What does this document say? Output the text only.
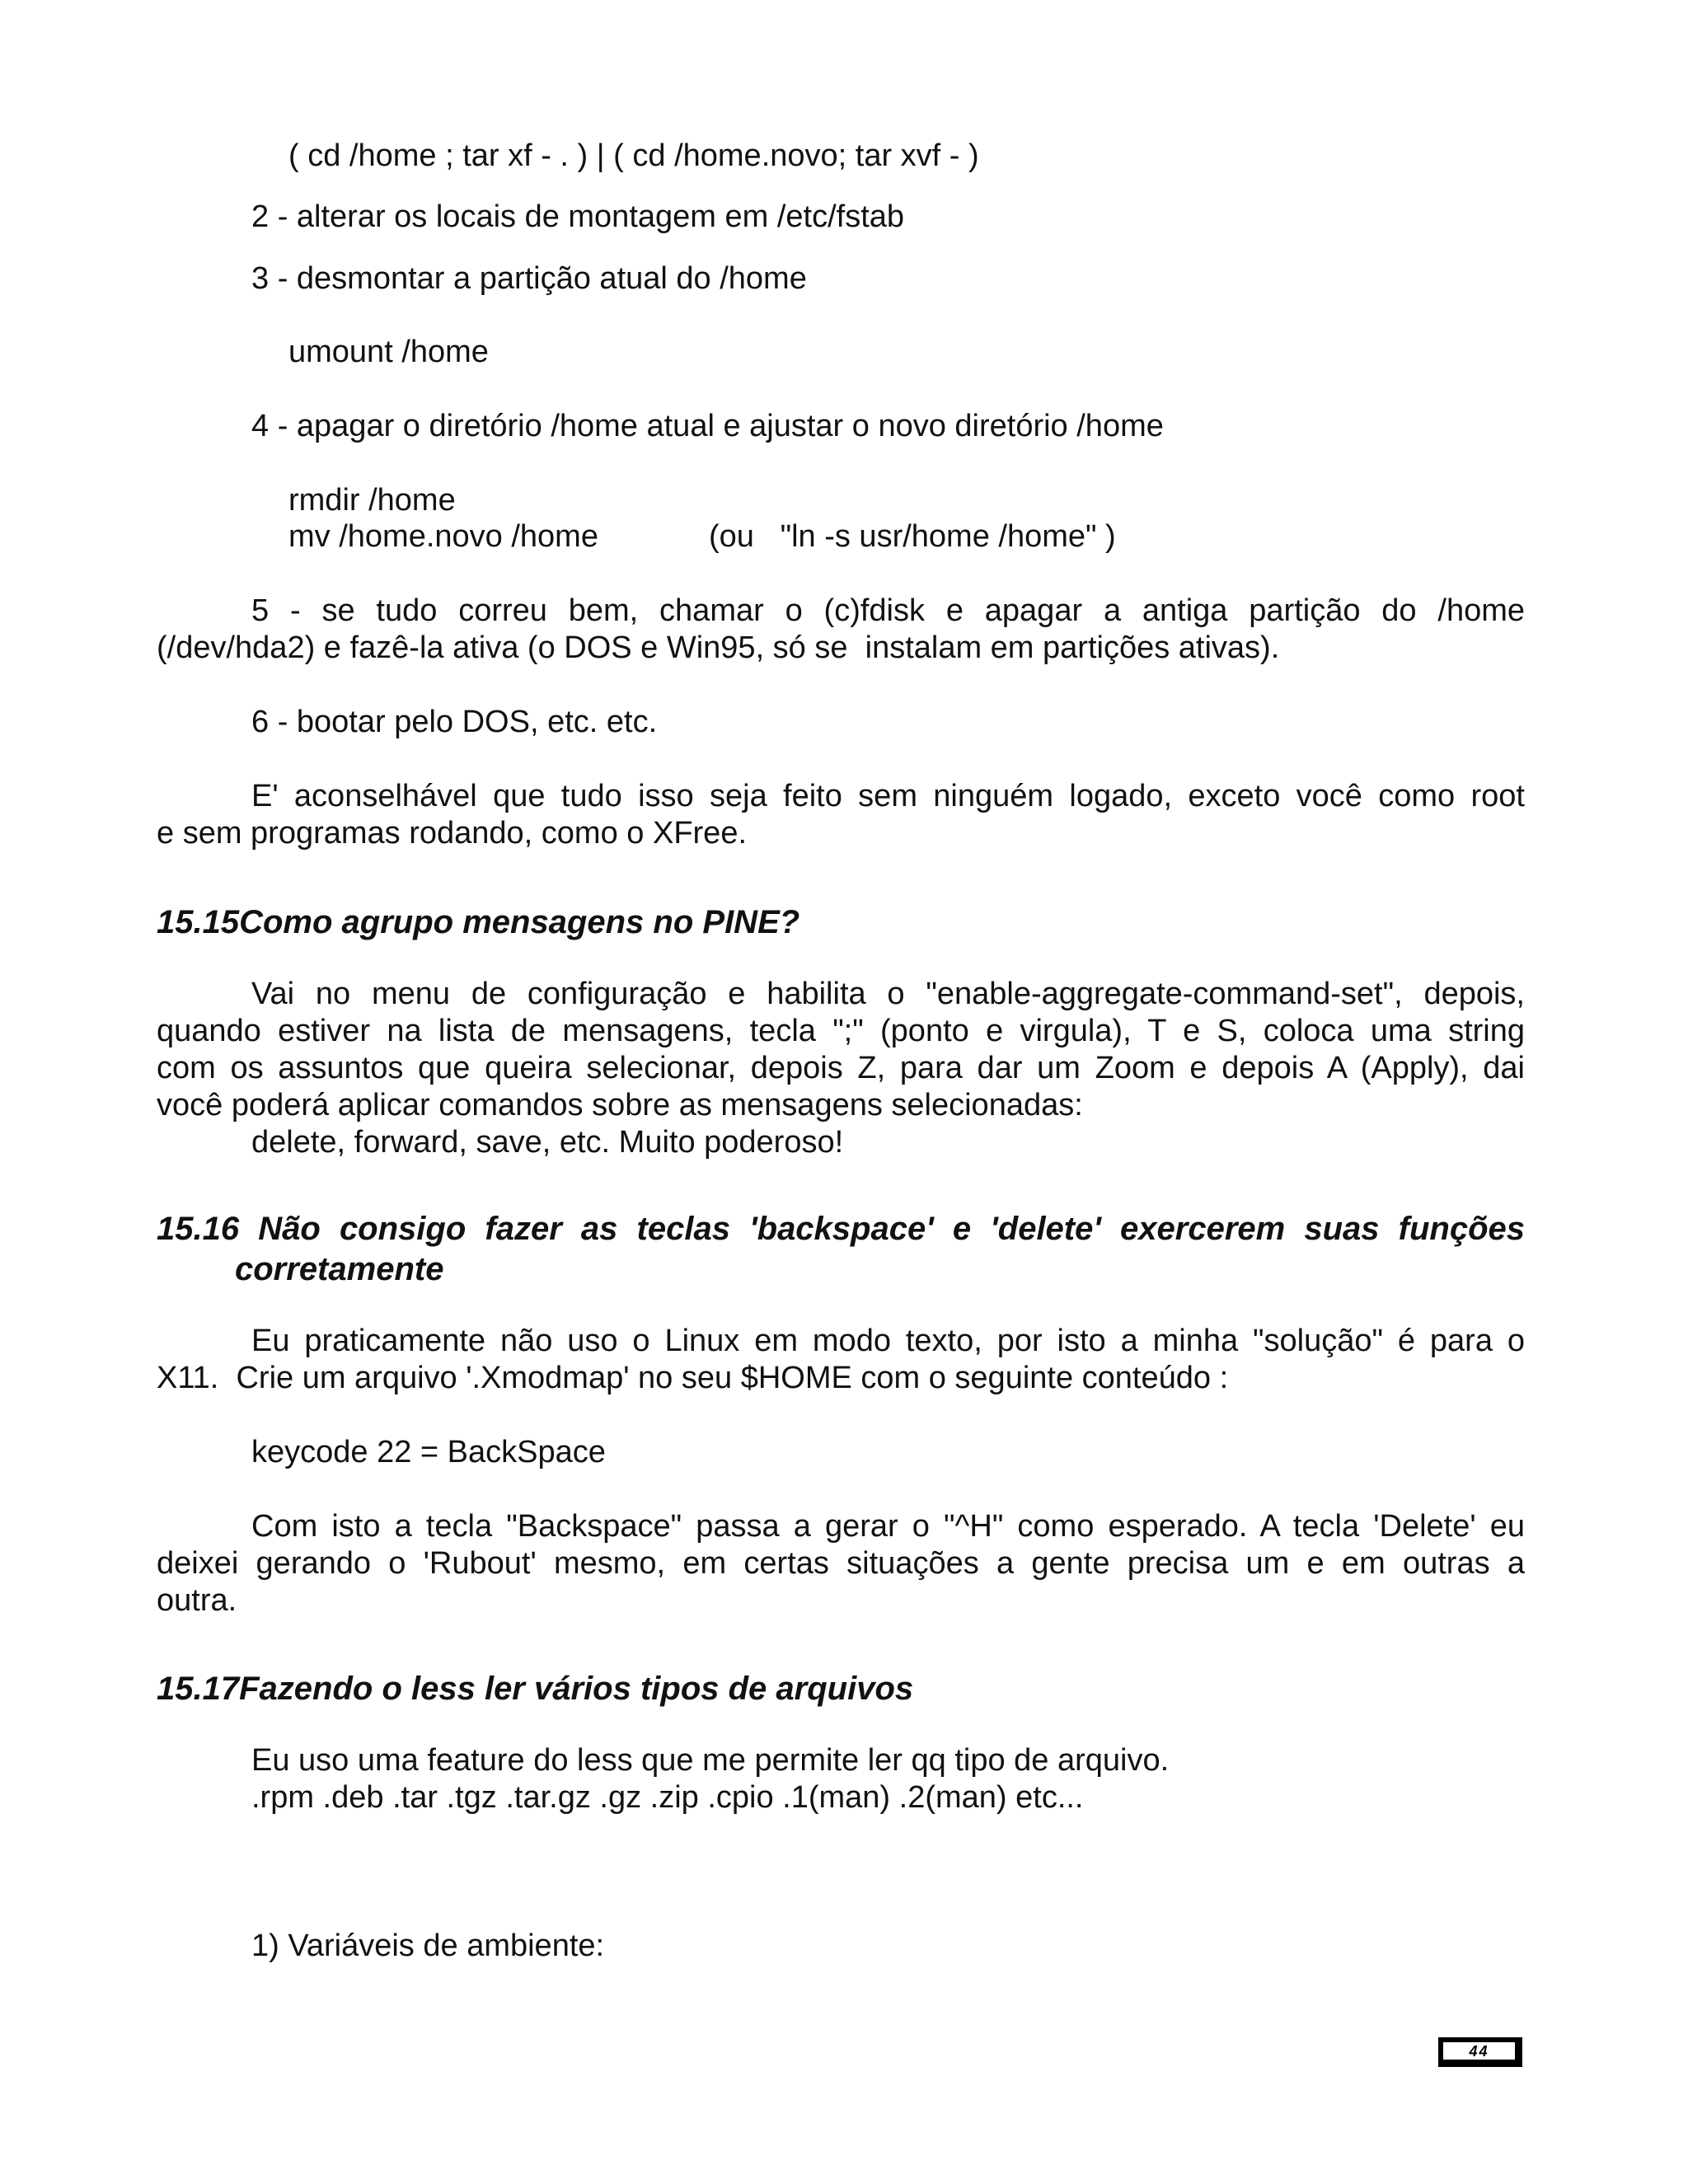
( cd /home ; tar xf - . ) | ( cd /home.novo; tar xvf - )
2 - alterar os locais de montagem em /etc/fstab
3 - desmontar a partição atual do /home
umount /home
4 - apagar o diretório /home atual e ajustar o novo diretório /home
rmdir /home
mv /home.novo /home	(ou   "ln -s usr/home /home" )
5 - se tudo correu bem, chamar o (c)fdisk e apagar a antiga partição do /home
(/dev/hda2) e fazê-la ativa (o DOS e Win95, só se  instalam em partições ativas).
6 - bootar pelo DOS, etc. etc.
E' aconselhável que tudo isso seja feito sem ninguém logado, exceto você como root
e sem programas rodando, como o XFree.
15.15Como agrupo mensagens no PINE?
Vai no menu de configuração e habilita o "enable-aggregate-command-set", depois,
quando estiver na lista de mensagens, tecla ";" (ponto e virgula), T e S, coloca uma string
com os assuntos que queira selecionar, depois Z, para dar um Zoom e depois A (Apply), dai
você poderá aplicar comandos sobre as mensagens selecionadas:
delete, forward, save, etc. Muito poderoso!
15.16 Não consigo fazer as teclas 'backspace' e 'delete' exercerem suas funções
corretamente
Eu praticamente não uso o Linux em modo texto, por isto a minha "solução" é para o
X11.  Crie um arquivo '.Xmodmap' no seu $HOME com o seguinte conteúdo :
keycode 22 = BackSpace
Com isto a tecla "Backspace" passa a gerar o "^H" como esperado. A tecla 'Delete' eu
deixei gerando o 'Rubout' mesmo, em certas situações a gente precisa um e em outras a
outra.
15.17Fazendo o less ler vários tipos de arquivos
Eu uso uma feature do less que me permite ler qq tipo de arquivo.
.rpm .deb .tar .tgz .tar.gz .gz .zip .cpio .1(man) .2(man) etc...
1) Variáveis de ambiente:
44
